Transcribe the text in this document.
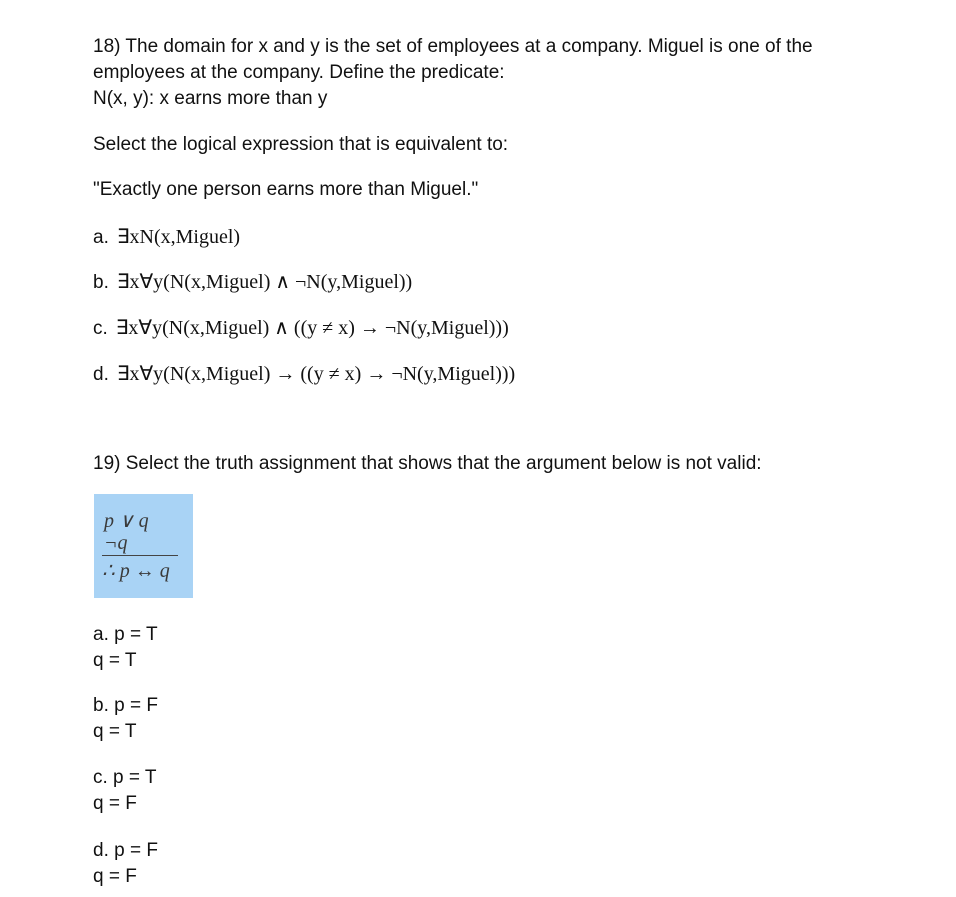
18) The domain for x and y is the set of employees at a company. Miguel is one of the
employees at the company. Define the predicate:
N(x, y): x earns more than y
Select the logical expression that is equivalent to:
"Exactly one person earns more than Miguel."
a. ∃xN(x,Miguel)
b. ∃x∀y(N(x,Miguel) ∧ ¬N(y,Miguel))
c. ∃x∀y(N(x,Miguel) ∧ ((y ≠ x) → ¬N(y,Miguel)))
d. ∃x∀y(N(x,Miguel) → ((y ≠ x) → ¬N(y,Miguel)))
19) Select the truth assignment that shows that the argument below is not valid:
p ∨ q
¬q
∴ p ↔ q
a. p = T
q = T
b. p = F
q = T
c. p = T
q = F
d. p = F
q = F
